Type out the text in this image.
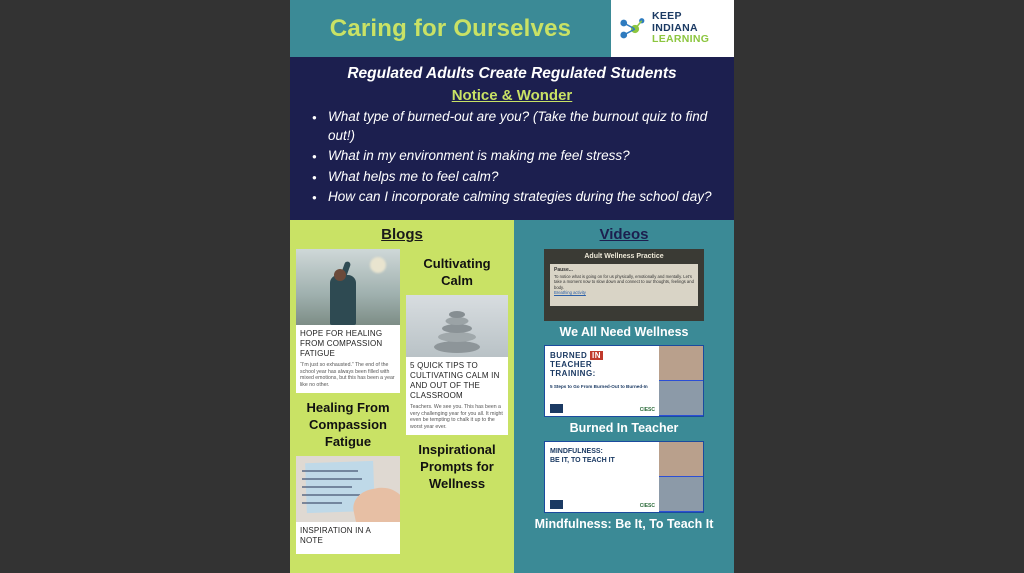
Caring for Ourselves	KEEP
INDIANA
LEARNING
Regulated Adults Create Regulated Students
Notice & Wonder
● What type of burned-out are you? (Take the burnout quiz to find out!)
● What in my environment is making me feel stress?
● What helps me to feel calm?
● How can I incorporate calming strategies during the school day?
Blogs
HOPE FOR HEALING FROM COMPASSION FATIGUE
“I’m just so exhausted.” The end of the school year has always been filled with mixed emotions, but this has been a year like no other.
Healing From Compassion Fatigue
INSPIRATION IN A NOTE
Cultivating Calm
5 QUICK TIPS TO CULTIVATING CALM IN AND OUT OF THE CLASSROOM
Teachers. We see you. This has been a very challenging year for you all. It might even be tempting to chalk it up to the worst year ever.
Inspirational Prompts for Wellness
Videos
Adult Wellness Practice
Pause...
To notice what is going on for us physically, emotionally and mentally. Let’s take a moment now to slow down and connect to our thoughts, feelings and body.
Breathing activity
We All Need Wellness
BURNED IN
TEACHER
TRAINING:
5 Steps to Go From Burned-Out to Burned-In
CIESC
Burned In Teacher
MINDFULNESS:
BE IT, TO TEACH IT
CIESC
Mindfulness: Be It, To Teach It
